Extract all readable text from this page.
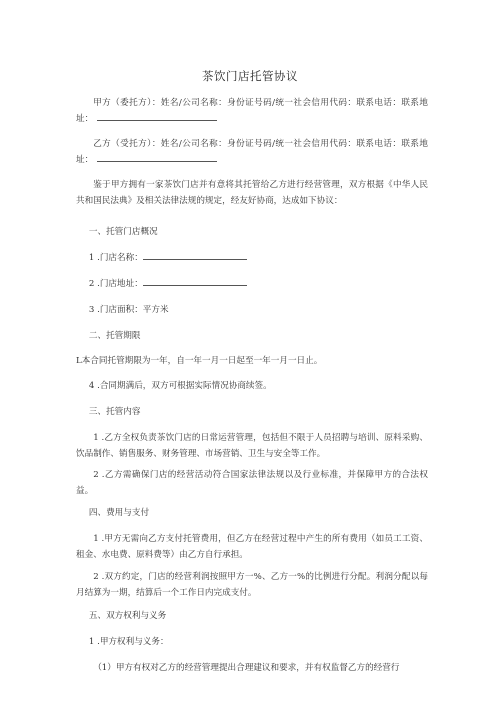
茶饮门店托管协议
甲方（委托方）：姓名/公司名称：身份证号码/统一社会信用代码：联系电话：联系地址：
乙方（受托方）：姓名/公司名称：身份证号码/统一社会信用代码：联系电话：联系地址：
鉴于甲方拥有一家茶饮门店并有意将其托管给乙方进行经营管理，双方根据《中华人民共和国民法典》及相关法律法规的规定，经友好协商，达成如下协议：
一、托管门店概况
1 .门店名称：
2 .门店地址：
3 .门店面积：平方米
二、托管期限
L本合同托管期限为一年，自一年一月一日起至一年一月一日止。
4 .合同期满后，双方可根据实际情况协商续签。
三、托管内容
1 .乙方全权负责茶饮门店的日常运营管理，包括但不限于人员招聘与培训、原料采购、饮品制作、销售服务、财务管理、市场营销、卫生与安全等工作。
2 .乙方需确保门店的经营活动符合国家法律法规以及行业标准，并保障甲方的合法权益。
四、费用与支付
1 .甲方无需向乙方支付托管费用，但乙方在经营过程中产生的所有费用（如员工工资、租金、水电费、原料费等）由乙方自行承担。
2 .双方约定，门店的经营利润按照甲方一%、乙方一%的比例进行分配。利润分配以每月结算为一期，结算后一个工作日内完成支付。
五、双方权利与义务
1 .甲方权利与义务：
（1）甲方有权对乙方的经营管理提出合理建议和要求，并有权监督乙方的经营行
